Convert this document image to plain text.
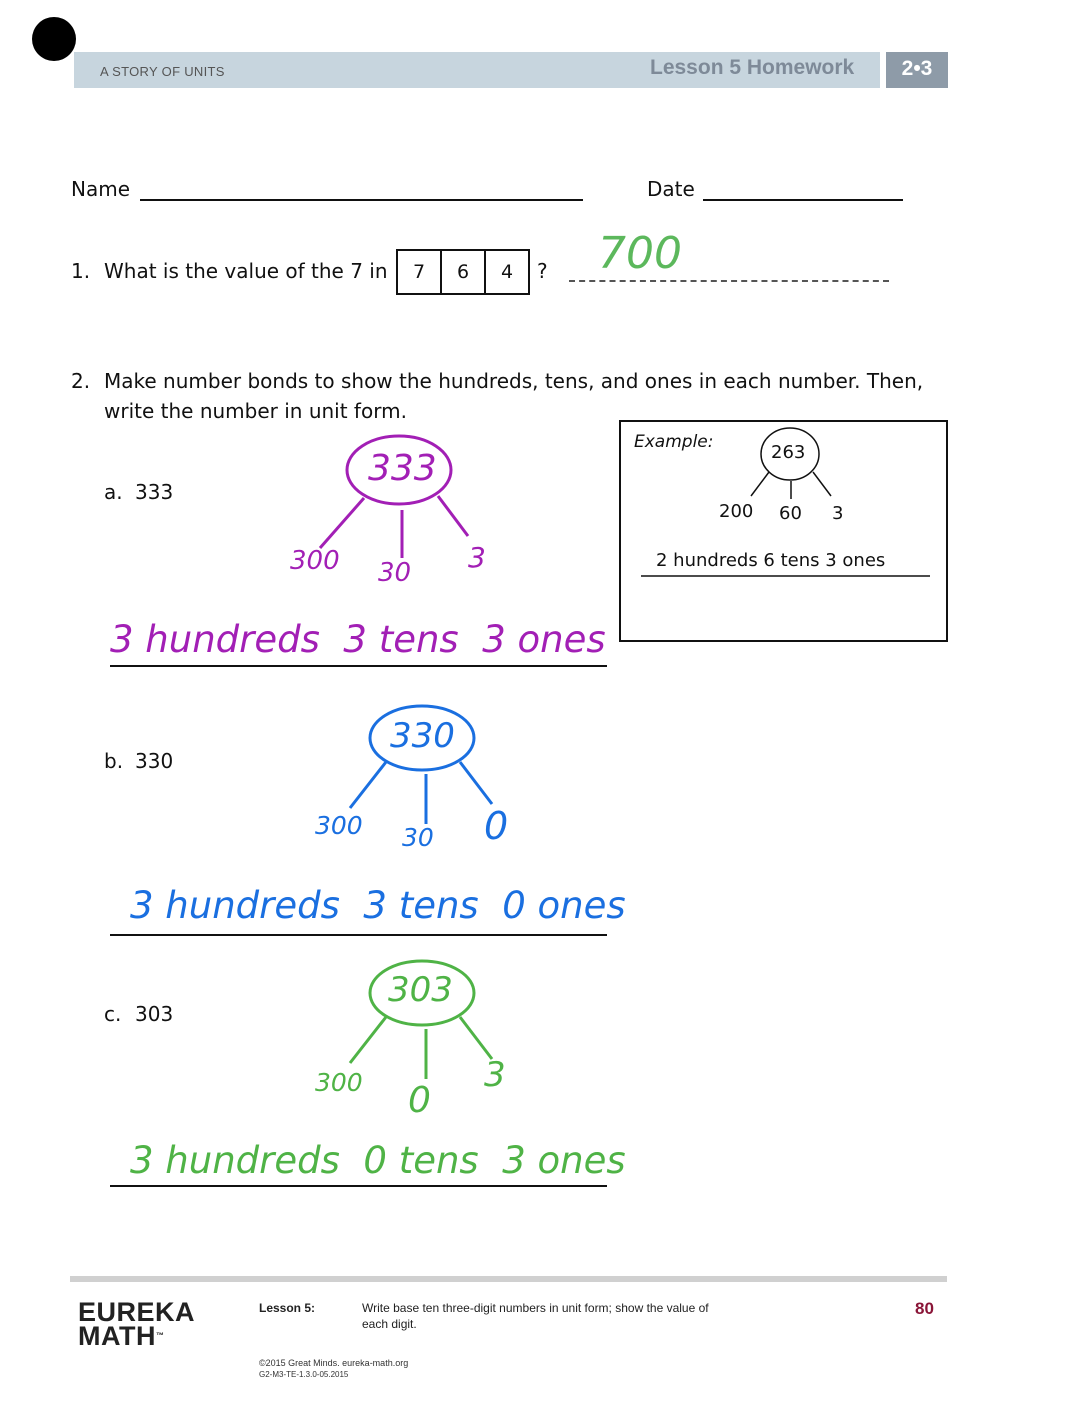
A STORY OF UNITS	Lesson 5 Homework	2•3
Name	Date
1. What is the value of the 7 in	7	6	4	? 700
2. Make number bonds to show the hundreds, tens, and ones in each number. Then,
write the number in unit form.
Example:	263
200 60 3
2 hundreds 6 tens 3 ones
a. 333
333
300 30 3
3 hundreds  3 tens  3 ones
b. 330
330
300 30 0
3 hundreds  3 tens  0 ones
c. 303
303
300 0
3
3 hundreds  0 tens  3 ones
EUREKA
MATH™
Lesson 5:	Write base ten three-digit numbers in unit form; show the value of
each digit.
80
©2015 Great Minds. eureka-math.org
G2-M3-TE-1.3.0-05.2015
